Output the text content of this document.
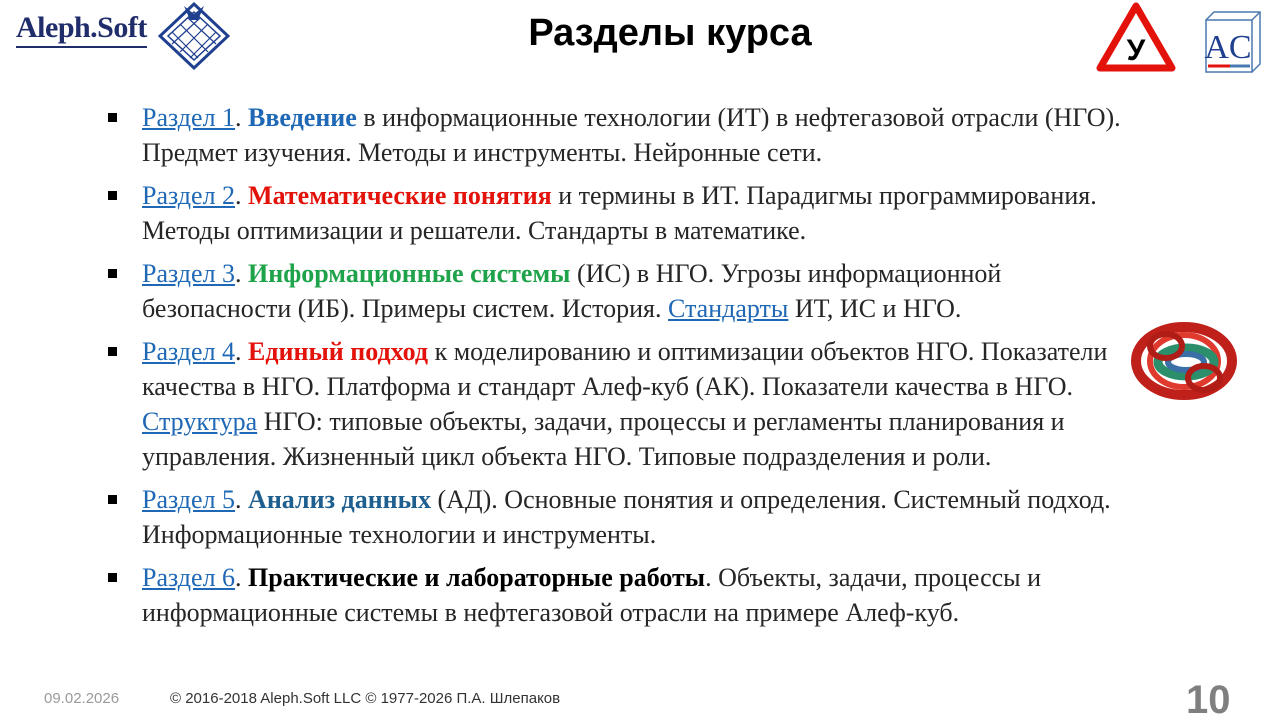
Aleph.Soft	Разделы курса	У AC
Раздел 1. Введение в информационные технологии (ИТ) в нефтегазовой отрасли (НГО). Предмет изучения. Методы и инструменты. Нейронные сети.
Раздел 2. Математические понятия и термины в ИТ. Парадигмы программирования. Методы оптимизации и решатели. Стандарты в математике.
Раздел 3. Информационные системы (ИС) в НГО. Угрозы информационной безопасности (ИБ). Примеры систем. История. Стандарты ИТ, ИС и НГО.
Раздел 4. Единый подход к моделированию и оптимизации объектов НГО. Показатели качества в НГО. Платформа и стандарт Алеф-куб (АК). Показатели качества в НГО. Структура НГО: типовые объекты, задачи, процессы и регламенты планирования и управления. Жизненный цикл объекта НГО. Типовые подразделения и роли.
Раздел 5. Анализ данных (АД). Основные понятия и определения. Системный подход. Информационные технологии и инструменты.
Раздел 6. Практические и лабораторные работы. Объекты, задачи, процессы и информационные системы в нефтегазовой отрасли на примере Алеф-куб.
09.02.2026	© 2016-2018 Aleph.Soft LLC © 1977-2026 П.А. Шлепаков	10
